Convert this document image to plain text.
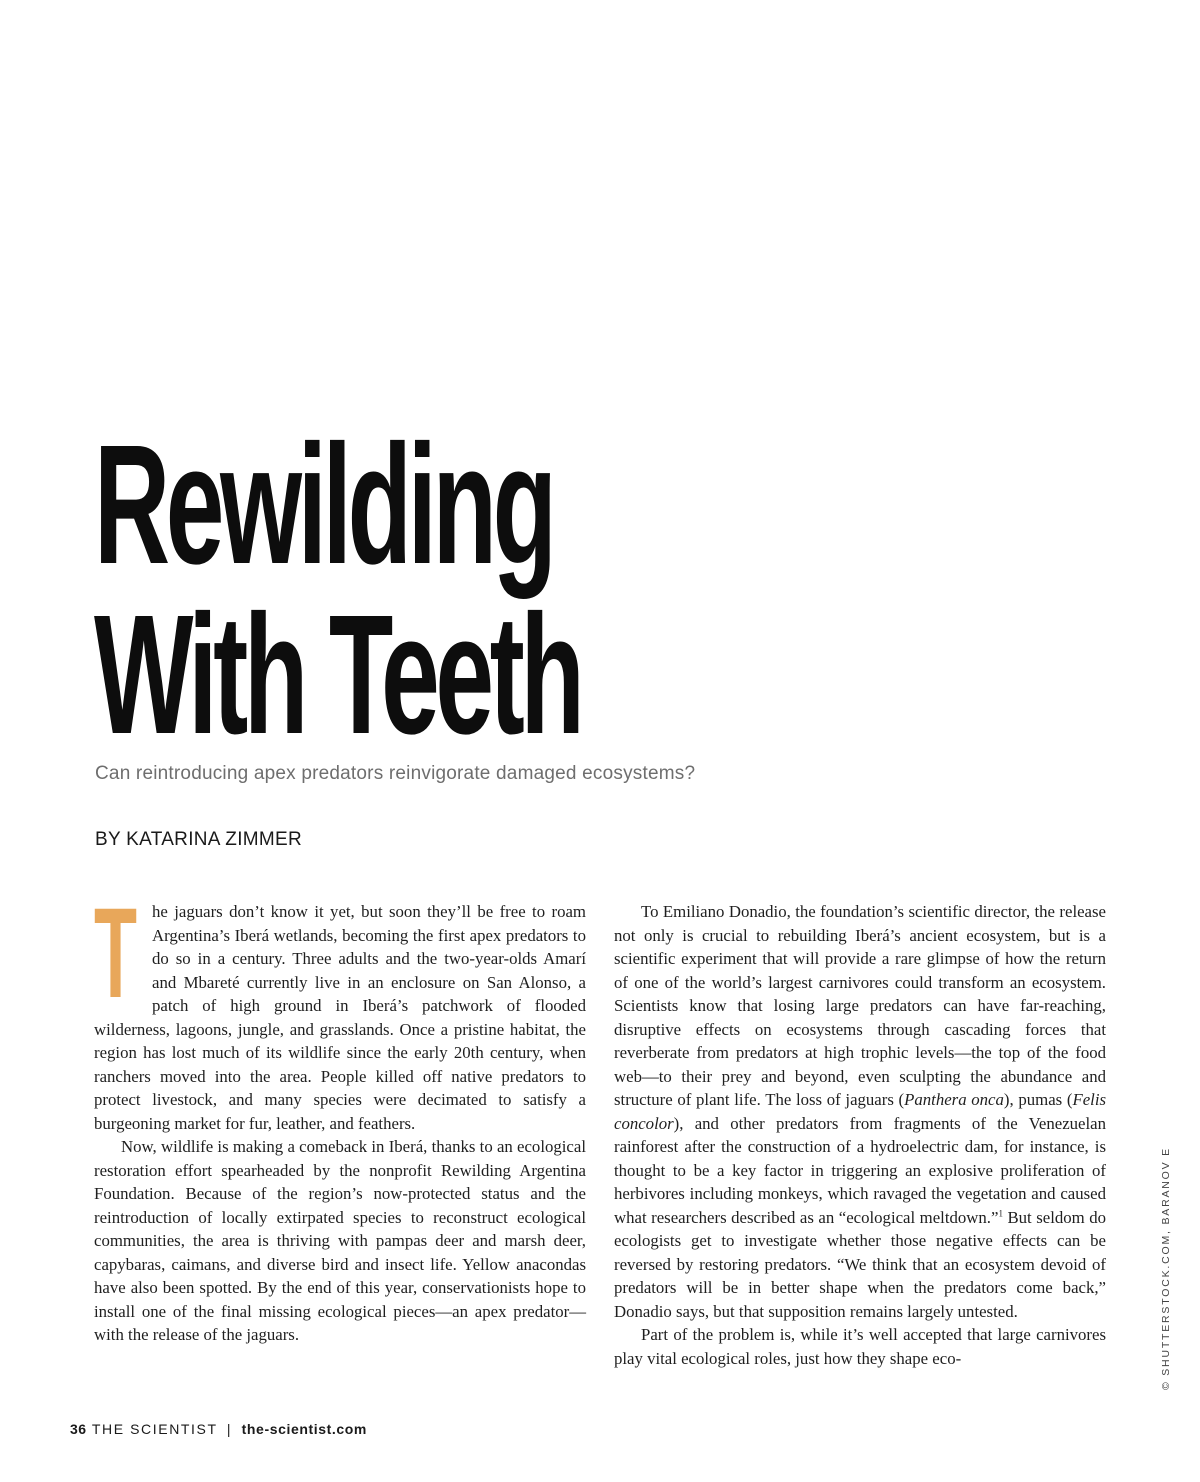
Rewilding
With Teeth

Can reintroducing apex predators reinvigorate damaged ecosystems?

BY KATARINA ZIMMER

The jaguars don’t know it yet, but soon they’ll be free to roam Argentina’s Iberá wetlands, becoming the first apex predators to do so in a century. Three adults and the two-year-olds Amarí and Mbareté currently live in an enclosure on San Alonso, a patch of high ground in Iberá’s patchwork of flooded wilderness, lagoons, jungle, and grasslands. Once a pristine habitat, the region has lost much of its wildlife since the early 20th century, when ranchers moved into the area. People killed off native predators to protect livestock, and many species were decimated to satisfy a burgeoning market for fur, leather, and feathers.

Now, wildlife is making a comeback in Iberá, thanks to an ecological restoration effort spearheaded by the nonprofit Rewilding Argentina Foundation. Because of the region’s now-protected status and the reintroduction of locally extirpated species to reconstruct ecological communities, the area is thriving with pampas deer and marsh deer, capybaras, caimans, and diverse bird and insect life. Yellow anacondas have also been spotted. By the end of this year, conservationists hope to install one of the final missing ecological pieces—an apex predator—with the release of the jaguars.

To Emiliano Donadio, the foundation’s scientific director, the release not only is crucial to rebuilding Iberá’s ancient ecosystem, but is a scientific experiment that will provide a rare glimpse of how the return of one of the world’s largest carnivores could transform an ecosystem. Scientists know that losing large predators can have far-reaching, disruptive effects on ecosystems through cascading forces that reverberate from predators at high trophic levels—the top of the food web—to their prey and beyond, even sculpting the abundance and structure of plant life. The loss of jaguars (Panthera onca), pumas (Felis concolor), and other predators from fragments of the Venezuelan rainforest after the construction of a hydroelectric dam, for instance, is thought to be a key factor in triggering an explosive proliferation of herbivores including monkeys, which ravaged the vegetation and caused what researchers described as an “ecological meltdown.”$^1$ But seldom do ecologists get to investigate whether those negative effects can be reversed by restoring predators. “We think that an ecosystem devoid of predators will be in better shape when the predators come back,” Donadio says, but that supposition remains largely untested.

Part of the problem is, while it’s well accepted that large carnivores play vital ecological roles, just how they shape eco-

36 THE SCIENTIST | the-scientist.com
© SHUTTERSTOCK.COM, BARANOV E
